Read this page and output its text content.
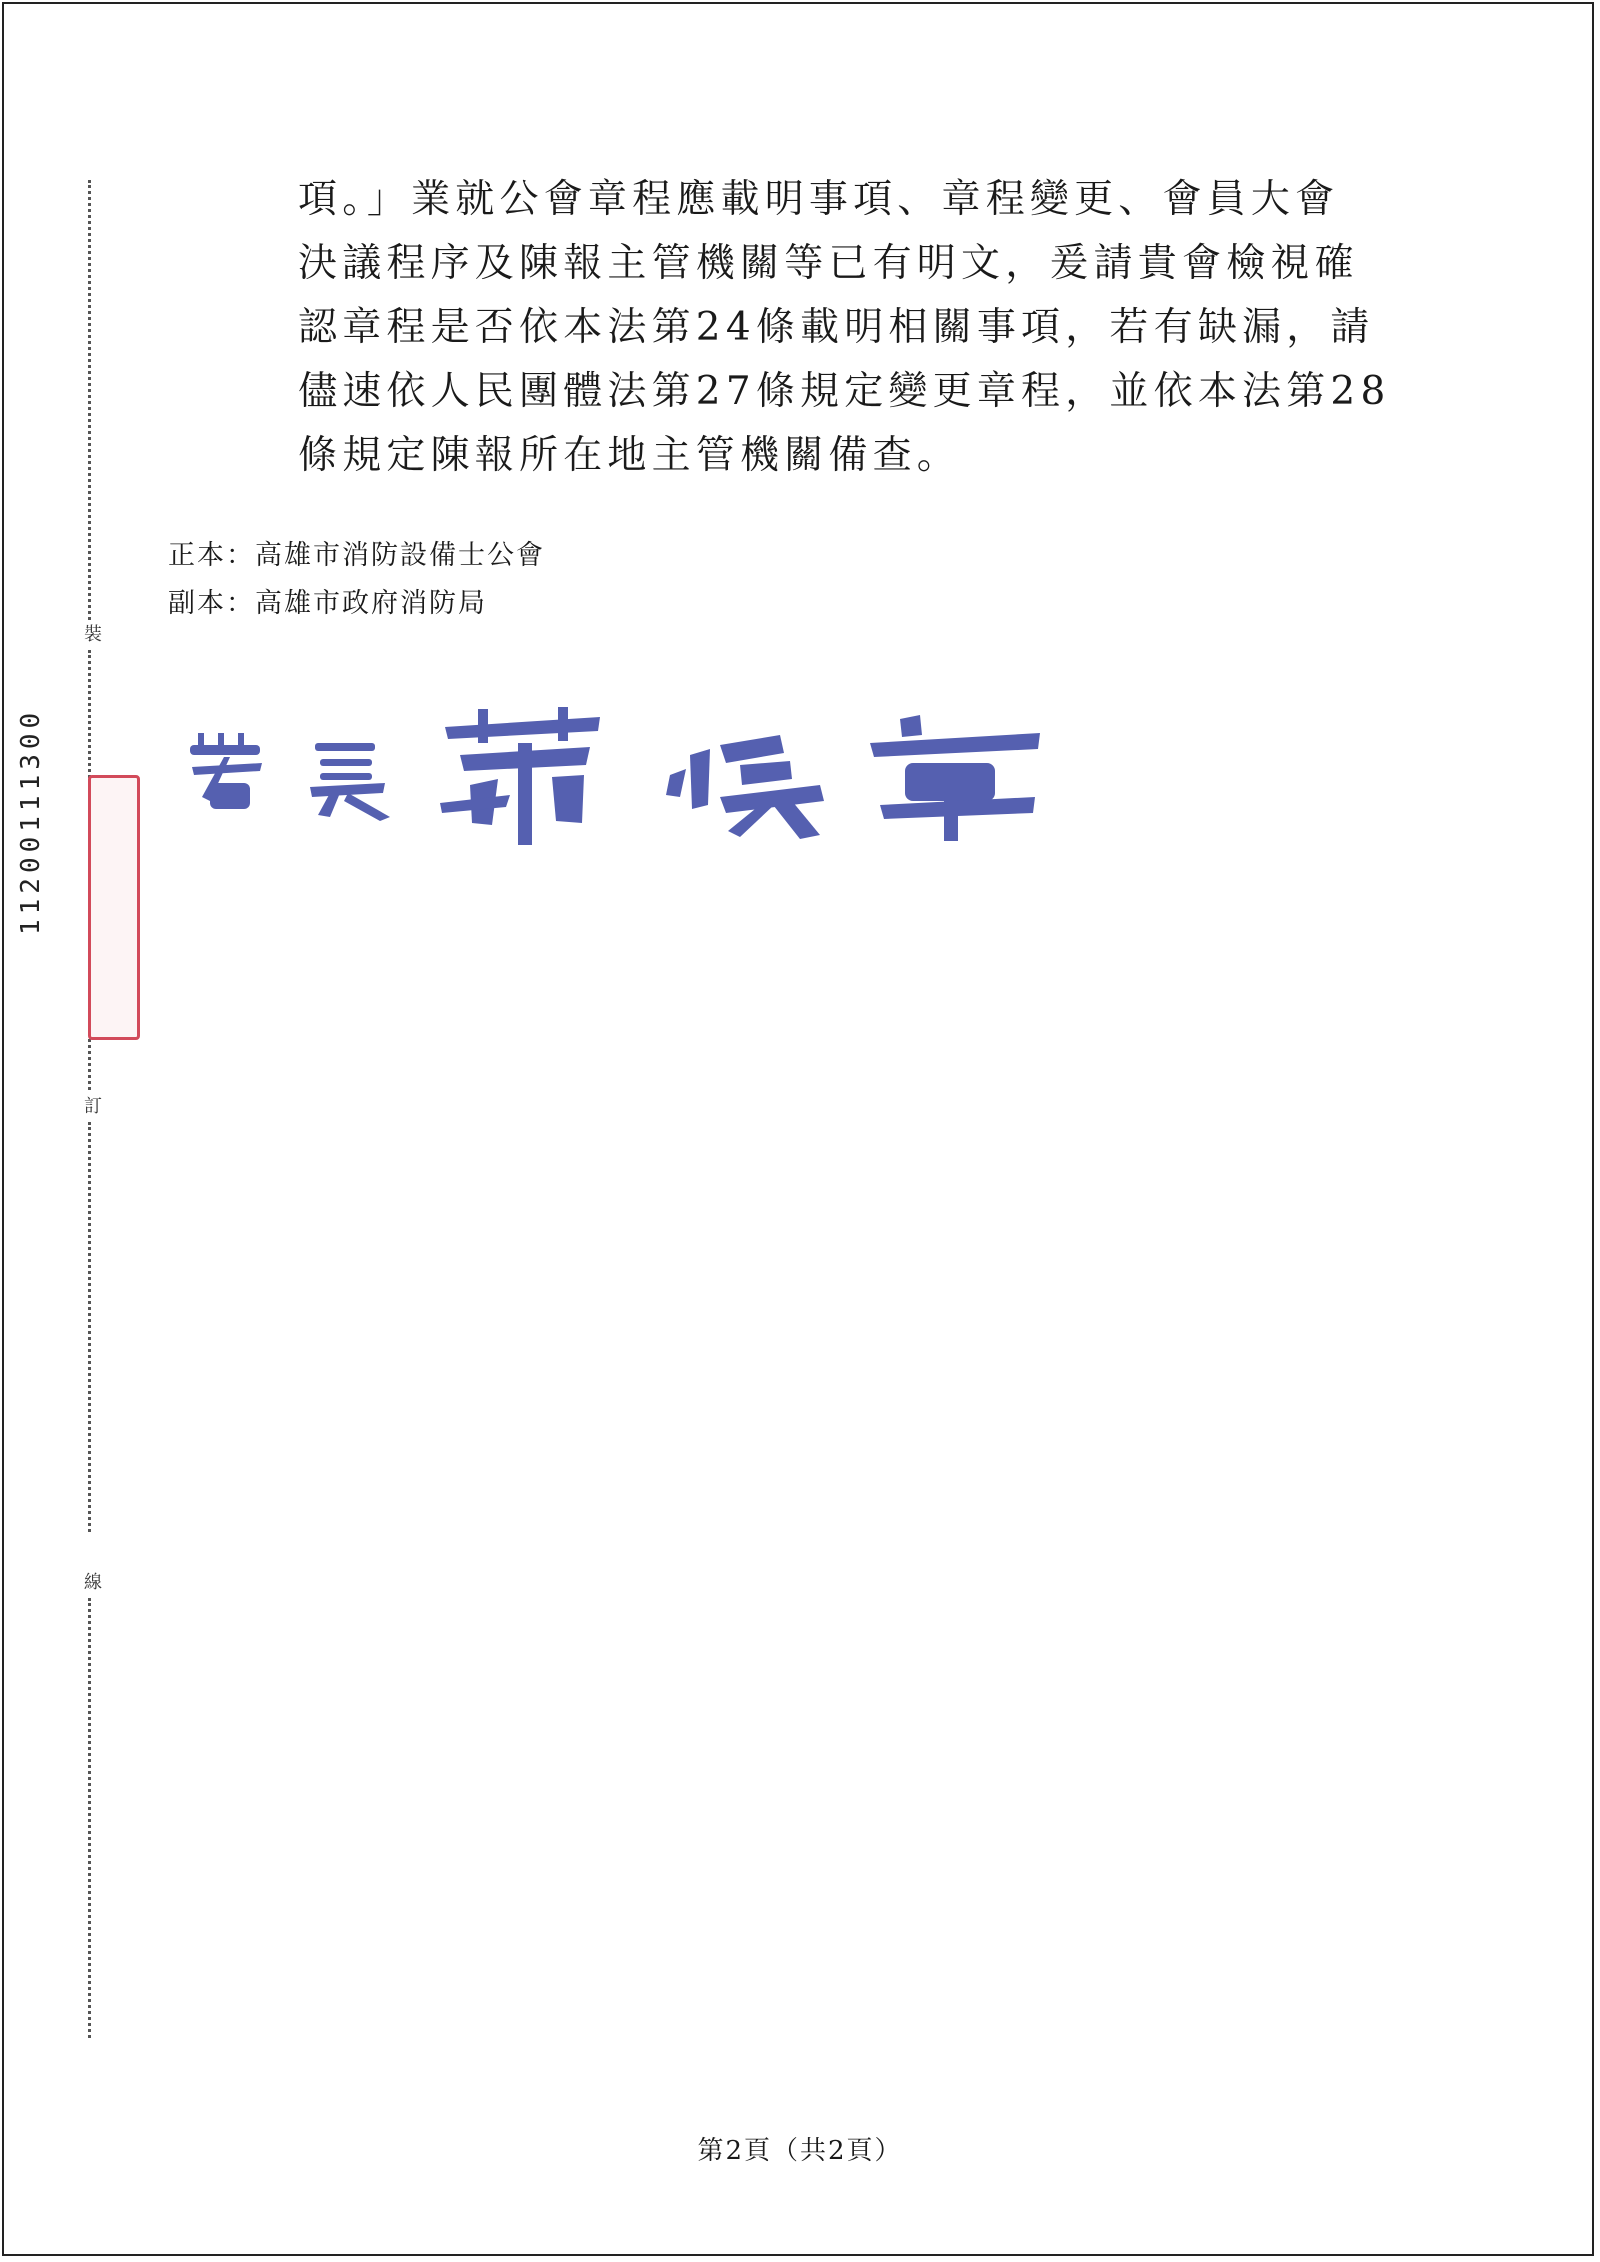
裝
訂
線
11200111300

項。」業就公會章程應載明事項、章程變更、會員大會

決議程序及陳報主管機關等已有明文，爰請貴會檢視確

認章程是否依本法第24條載明相關事項，若有缺漏，請

儘速依人民團體法第27條規定變更章程，並依本法第28

條規定陳報所在地主管機關備查。

正本：高雄市消防設備士公會
副本：高雄市政府消防局
第2頁（共2頁）
